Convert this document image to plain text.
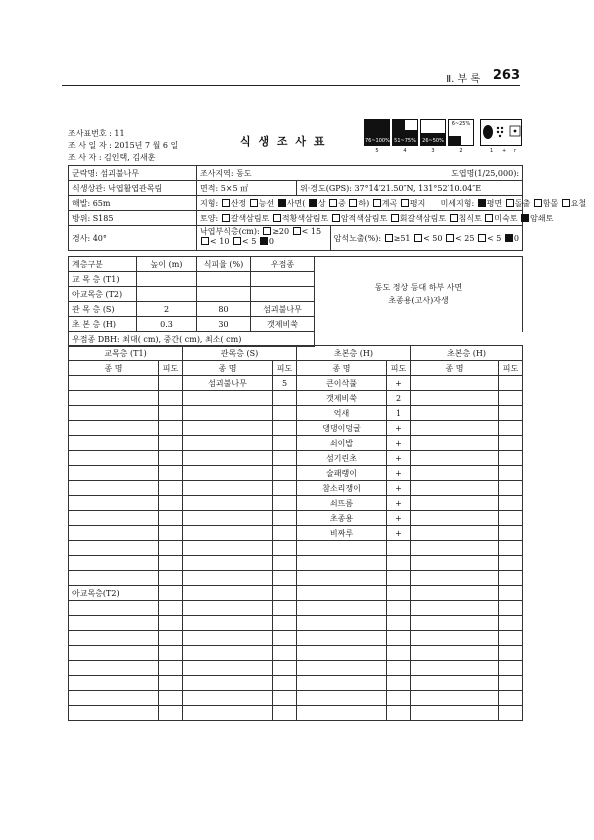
Ⅱ. 부 록 263
조사표번호 : 11
조 사 일 자 : 2015년 7 월 6 일
조 사 자 : 김인택, 김새훈
식 생 조 사 표	76~100%
5
51~75%
4
26~50%
3
6~25%
2	1 + r
군락명: 섬괴불나무	조사지역: 동도 도엽명(1/25,000):	

식생상관: 낙엽활엽관목림	면적: 5×5 ㎡	위·경도(GPS): 37°14′21.50″N, 131°52′10.04″E
해발: 65m	지형: 산정 능선 사면( 상 중 하) 계곡 평지 미세지형: 평면 돌출 함몰 요철	
방위: S185	토양: 갈색삼림토 적황색삼림토 암적색삼림토 회갈색삼림토 침식토 미숙토 암쇄토	
경사: 40°	낙엽부식층(cm): ≥20 < 15 < 10 < 5 0 암석노출(%): ≥51 < 50 < 25 < 5 0	
계층구분	높이 (m)	식피율 (%)	우점종	동도 정상 등대 하부 사면
초종용(고사)자생

교 목 층 (T1)				
아교목층 (T2)				
관 목 층 (S)	2	80	섬괴불나무	
초 본 층 (H)	0.3	30	갯제비쑥	
우점종 DBH: 최대( cm), 중간( cm), 최소( cm)				
교목층 (T1)		관목층 (S)		초본층 (H)		초본층 (H)	
종 명	피도	종 명	피도	종 명	피도	종 명	피도
		섬괴불나무	5	큰이삭풀	+		
				갯제비쑥	2		
				억새	1		
				댕댕이덩굴	+		
				쇠이밥	+		
				섬기린초	+		
				술패랭이	+		
				참소리쟁이	+		
				쇠뜨름	+		
				초종용	+		
				비짜루	+		

아교목층(T2)							
